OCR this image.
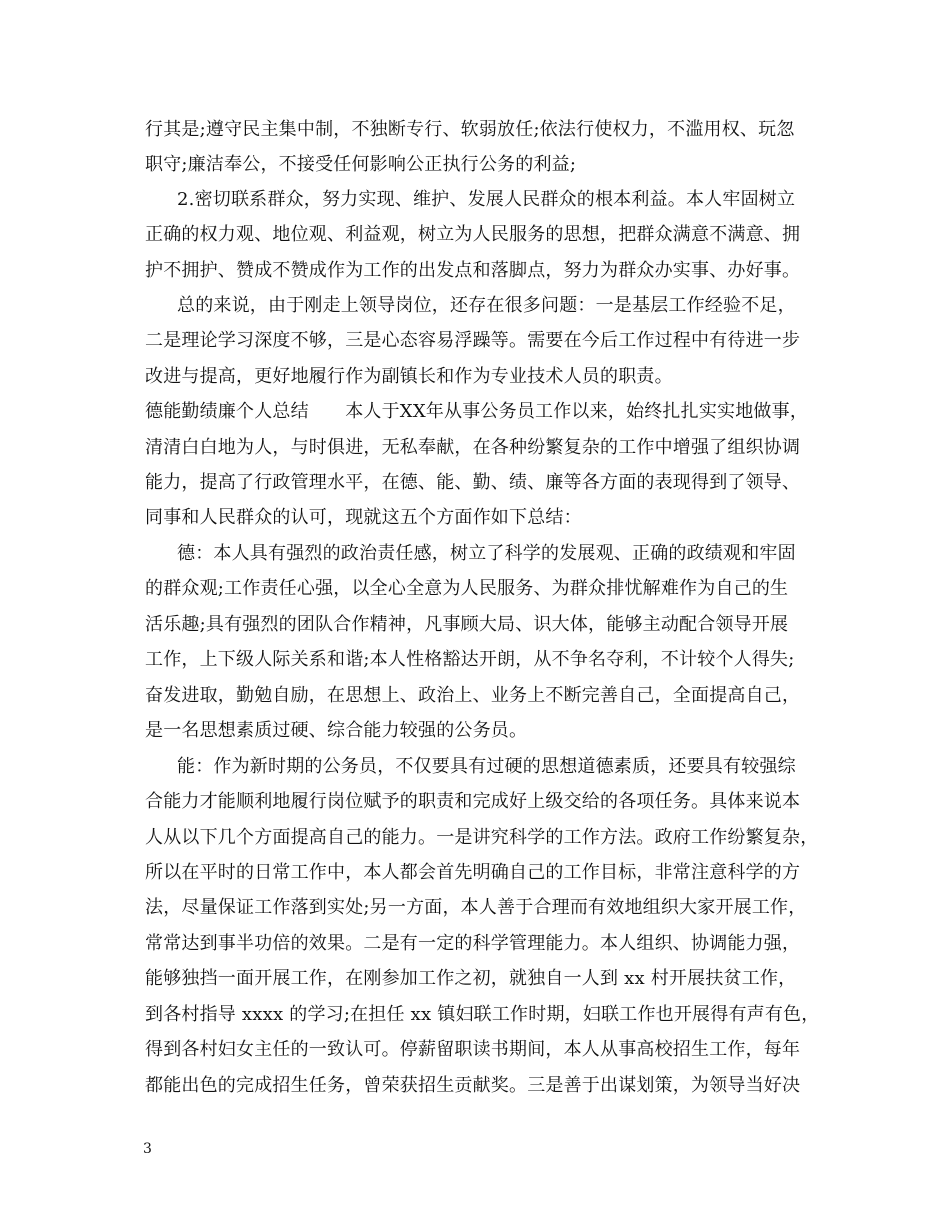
行其是;遵守民主集中制，不独断专行、软弱放任;依法行使权力，不滥用权、玩忽
职守;廉洁奉公，不接受任何影响公正执行公务的利益;
2.密切联系群众，努力实现、维护、发展人民群众的根本利益。本人牢固树立
正确的权力观、地位观、利益观，树立为人民服务的思想，把群众满意不满意、拥
护不拥护、赞成不赞成作为工作的出发点和落脚点，努力为群众办实事、办好事。
总的来说，由于刚走上领导岗位，还存在很多问题：一是基层工作经验不足，
二是理论学习深度不够，三是心态容易浮躁等。需要在今后工作过程中有待进一步
改进与提高，更好地履行作为副镇长和作为专业技术人员的职责。
德能勤绩廉个人总结　　本人于XX年从事公务员工作以来，始终扎扎实实地做事，
清清白白地为人，与时俱进，无私奉献，在各种纷繁复杂的工作中增强了组织协调
能力，提高了行政管理水平，在德、能、勤、绩、廉等各方面的表现得到了领导、
同事和人民群众的认可，现就这五个方面作如下总结：
德：本人具有强烈的政治责任感，树立了科学的发展观、正确的政绩观和牢固
的群众观;工作责任心强，以全心全意为人民服务、为群众排忧解难作为自己的生
活乐趣;具有强烈的团队合作精神，凡事顾大局、识大体，能够主动配合领导开展
工作，上下级人际关系和谐;本人性格豁达开朗，从不争名夺利，不计较个人得失;
奋发进取，勤勉自励，在思想上、政治上、业务上不断完善自己，全面提高自己，
是一名思想素质过硬、综合能力较强的公务员。
能：作为新时期的公务员，不仅要具有过硬的思想道德素质，还要具有较强综
合能力才能顺利地履行岗位赋予的职责和完成好上级交给的各项任务。具体来说本
人从以下几个方面提高自己的能力。一是讲究科学的工作方法。政府工作纷繁复杂，
所以在平时的日常工作中，本人都会首先明确自己的工作目标，非常注意科学的方
法，尽量保证工作落到实处;另一方面，本人善于合理而有效地组织大家开展工作，
常常达到事半功倍的效果。二是有一定的科学管理能力。本人组织、协调能力强，
能够独挡一面开展工作，在刚参加工作之初，就独自一人到 xx 村开展扶贫工作，
到各村指导 xxxx 的学习;在担任 xx 镇妇联工作时期，妇联工作也开展得有声有色，
得到各村妇女主任的一致认可。停薪留职读书期间，本人从事高校招生工作，每年
都能出色的完成招生任务，曾荣获招生贡献奖。三是善于出谋划策，为领导当好决
3
